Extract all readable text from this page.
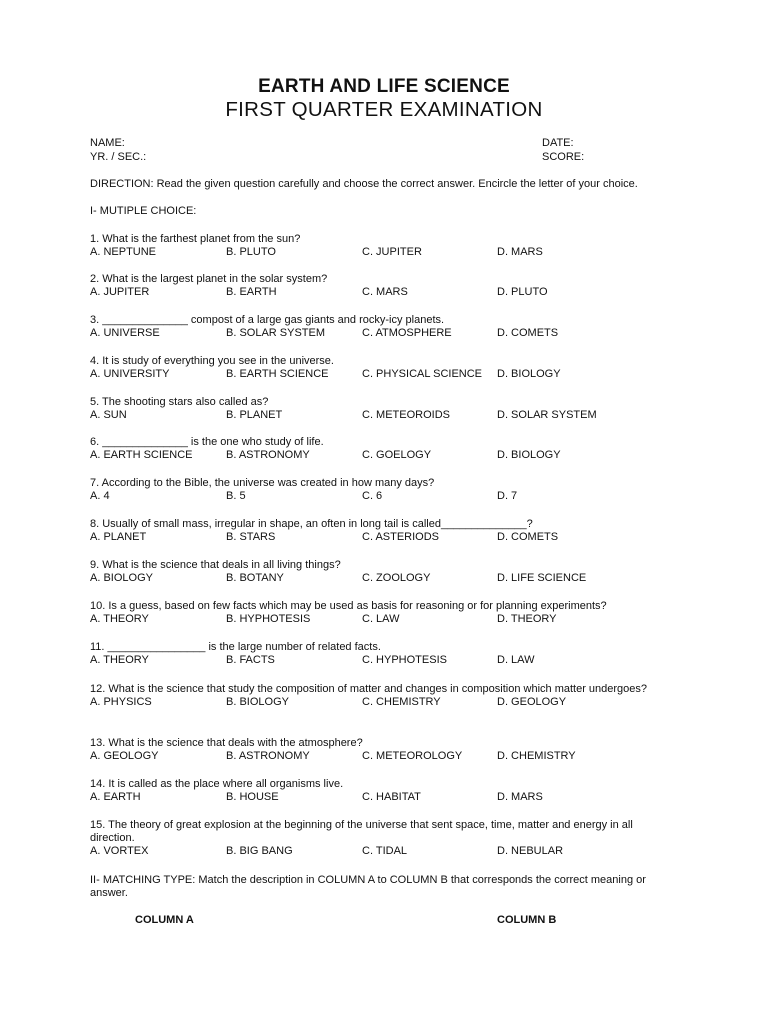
EARTH AND LIFE SCIENCE
FIRST QUARTER EXAMINATION
NAME:	DATE:
YR. / SEC.:	SCORE:
DIRECTION: Read the given question carefully and choose the correct answer. Encircle the letter of your choice.
I- MUTIPLE CHOICE:
1. What is the farthest planet from the sun?
A. NEPTUNE	B. PLUTO	C. JUPITER	D. MARS
2. What is the largest planet in the solar system?
A. JUPITER	B. EARTH	C. MARS	D. PLUTO
3. ______________ compost of a large gas giants and rocky-icy planets.
A. UNIVERSE	B. SOLAR SYSTEM	C. ATMOSPHERE	D. COMETS
4. It is study of everything you see in the universe.
A. UNIVERSITY	B. EARTH SCIENCE	C. PHYSICAL SCIENCE D. BIOLOGY
5. The shooting stars also called as?
A. SUN	B. PLANET	C. METEOROIDS	D. SOLAR SYSTEM
6. ______________ is the one who study of life.
A. EARTH SCIENCE	B. ASTRONOMY	C. GOELOGY	D. BIOLOGY
7. According to the Bible, the universe was created in how many days?
A. 4	B. 5	C. 6	D. 7
8. Usually of small mass, irregular in shape, an often in long tail is called______________?
A. PLANET	B. STARS	C. ASTERIODS	D. COMETS
9. What is the science that deals in all living things?
A. BIOLOGY	B. BOTANY	C. ZOOLOGY	D. LIFE SCIENCE
10. Is a guess, based on few facts which may be used as basis for reasoning or for planning experiments?
A. THEORY	B. HYPHOTESIS	C. LAW	D. THEORY
11. ________________ is the large number of related facts.
A. THEORY	B. FACTS	C. HYPHOTESIS	D. LAW
12. What is the science that study the composition of matter and changes in composition which matter undergoes?
A. PHYSICS	B. BIOLOGY	C. CHEMISTRY	D. GEOLOGY
13. What is the science that deals with the atmosphere?
A. GEOLOGY	B. ASTRONOMY	C. METEOROLOGY	D. CHEMISTRY
14. It is called as the place where all organisms live.
A. EARTH	B. HOUSE	C. HABITAT	D. MARS
15. The theory of great explosion at the beginning of the universe that sent space, time, matter and energy in all direction.
A. VORTEX	B. BIG BANG	C. TIDAL	D. NEBULAR
II- MATCHING TYPE: Match the description in COLUMN A to COLUMN B that corresponds the correct meaning or answer.
COLUMN A	COLUMN B
